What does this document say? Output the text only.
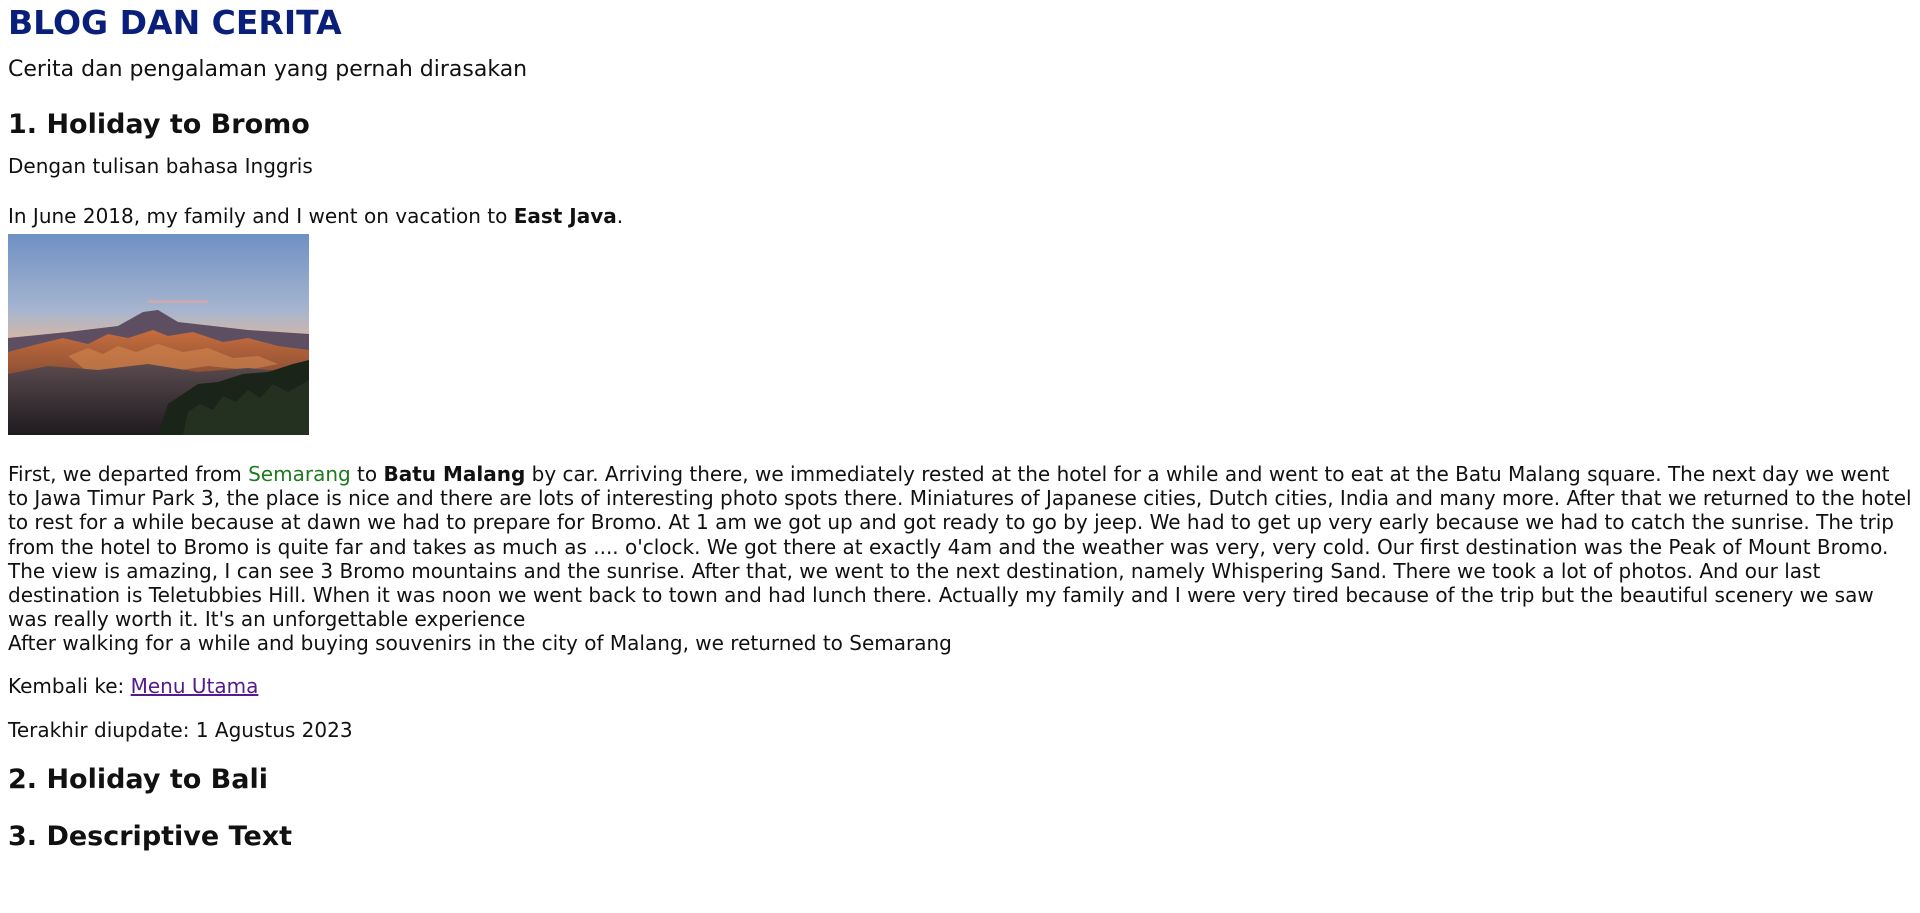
BLOG DAN CERITA

Cerita dan pengalaman yang pernah dirasakan

1. Holiday to Bromo

Dengan tulisan bahasa Inggris

In June 2018, my family and I went on vacation to East Java.

First, we departed from Semarang to Batu Malang by car. Arriving there, we immediately rested at the hotel for a while and went to eat at the Batu Malang square. The next day we went to Jawa Timur Park 3, the place is nice and there are lots of interesting photo spots there. Miniatures of Japanese cities, Dutch cities, India and many more. After that we returned to the hotel to rest for a while because at dawn we had to prepare for Bromo. At 1 am we got up and got ready to go by jeep. We had to get up very early because we had to catch the sunrise. The trip from the hotel to Bromo is quite far and takes as much as .... o'clock. We got there at exactly 4am and the weather was very, very cold. Our first destination was the Peak of Mount Bromo. The view is amazing, I can see 3 Bromo mountains and the sunrise. After that, we went to the next destination, namely Whispering Sand. There we took a lot of photos. And our last destination is Teletubbies Hill. When it was noon we went back to town and had lunch there. Actually my family and I were very tired because of the trip but the beautiful scenery we saw was really worth it. It's an unforgettable experience

After walking for a while and buying souvenirs in the city of Malang, we returned to Semarang

Kembali ke: Menu Utama

Terakhir diupdate: 1 Agustus 2023

2. Holiday to Bali
3. Descriptive Text
